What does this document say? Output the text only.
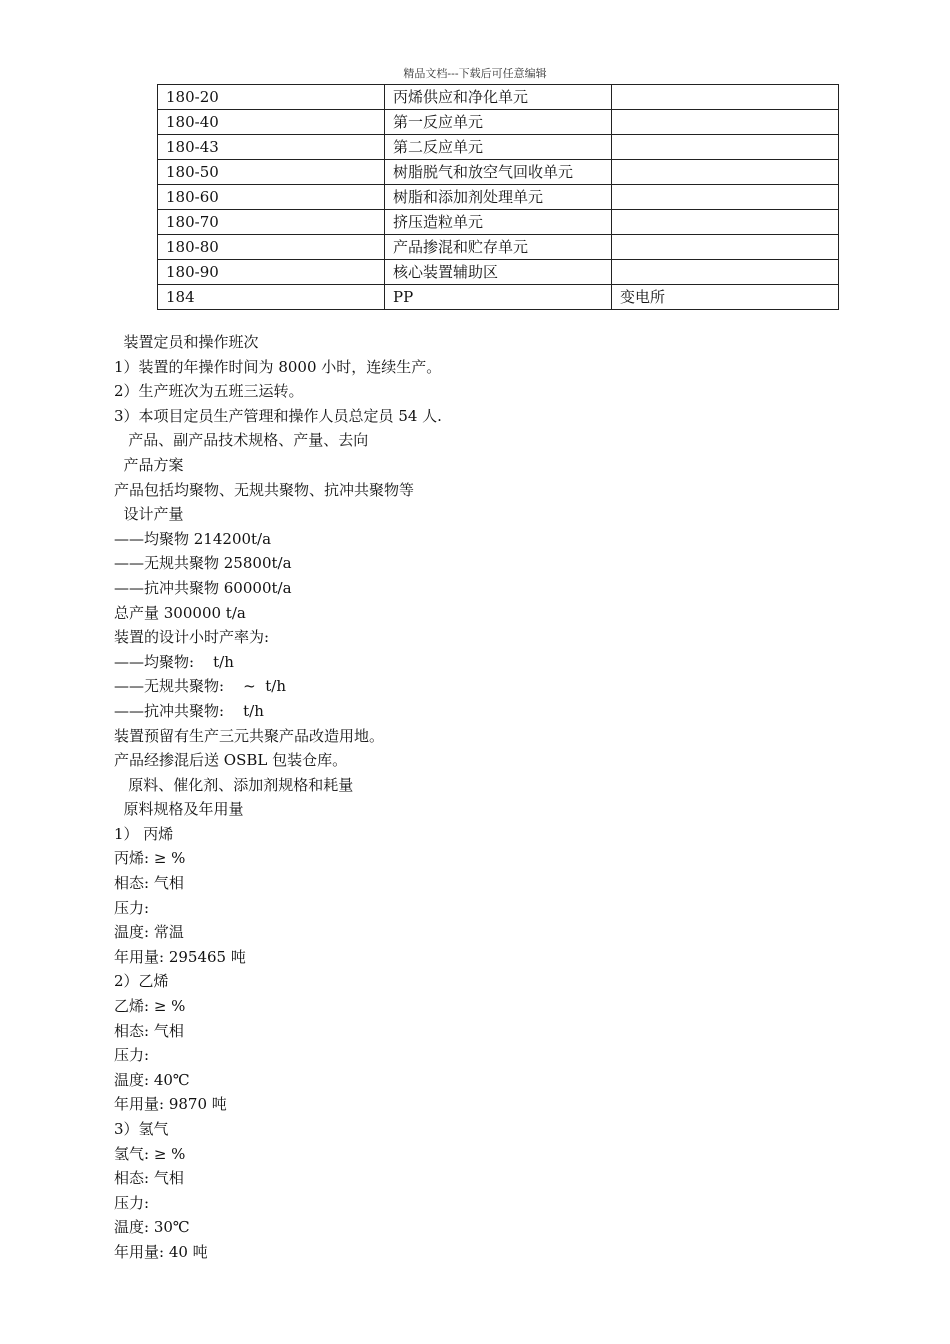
精品文档---下载后可任意编辑
180-20	丙烯供应和净化单元	
180-40	第一反应单元	
180-43	第二反应单元	
180-50	树脂脱气和放空气回收单元	
180-60	树脂和添加剂处理单元	
180-70	挤压造粒单元	
180-80	产品掺混和贮存单元	
180-90	核心装置辅助区	
184	PP	变电所
装置定员和操作班次
1）装置的年操作时间为 8000 小时，连续生产。
2）生产班次为五班三运转。
3）本项目定员生产管理和操作人员总定员 54 人.
产品、副产品技术规格、产量、去向
产品方案
产品包括均聚物、无规共聚物、抗冲共聚物等
设计产量
——均聚物 214200t/a
——无规共聚物 25800t/a
——抗冲共聚物 60000t/a
总产量 300000 t/a
装置的设计小时产率为:
——均聚物:    t/h
——无规共聚物:    ~  t/h
——抗冲共聚物:    t/h
装置预留有生产三元共聚产品改造用地。
产品经掺混后送 OSBL 包装仓库。
原料、催化剂、添加剂规格和耗量
原料规格及年用量
1） 丙烯
丙烯: ≥ %
相态: 气相
压力:
温度: 常温
年用量: 295465 吨
2）乙烯
乙烯: ≥ %
相态: 气相
压力:
温度: 40℃
年用量: 9870 吨
3）氢气
氢气: ≥ %
相态: 气相
压力:
温度: 30℃
年用量: 40 吨
